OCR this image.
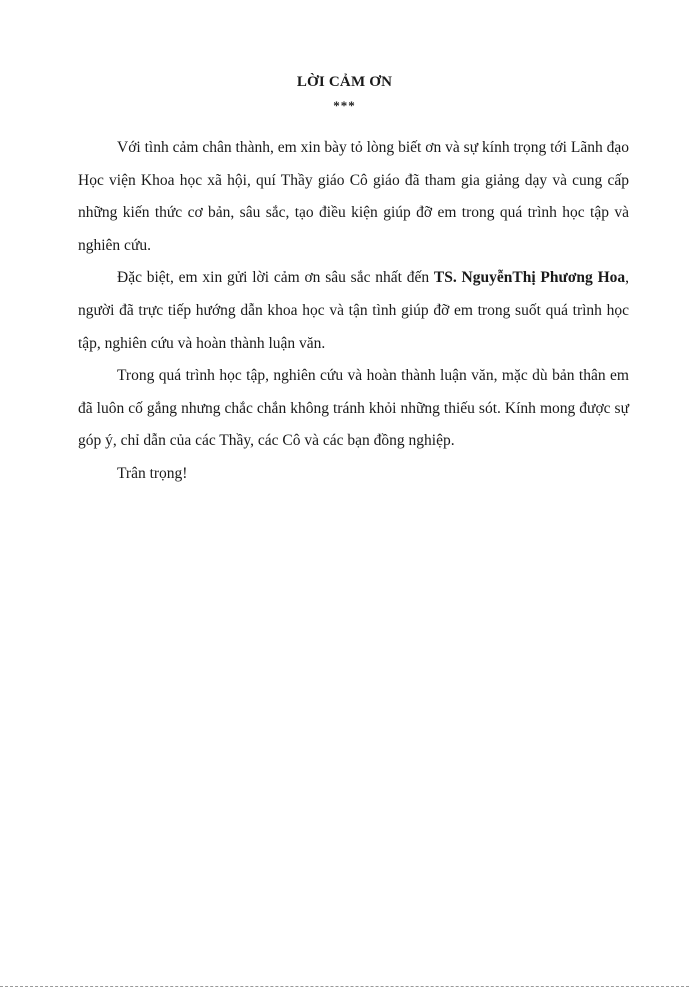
LỜI CẢM ƠN
***

Với tình cảm chân thành, em xin bày tỏ lòng biết ơn và sự kính trọng tới Lãnh đạo Học viện Khoa học xã hội, quí Thầy giáo Cô giáo đã tham gia giảng dạy và cung cấp những kiến thức cơ bản, sâu sắc, tạo điều kiện giúp đỡ em trong quá trình học tập và nghiên cứu.

Đặc biệt, em xin gửi lời cảm ơn sâu sắc nhất đến TS. NguyễnThị Phương Hoa, người đã trực tiếp hướng dẫn khoa học và tận tình giúp đỡ em trong suốt quá trình học tập, nghiên cứu và hoàn thành luận văn.

Trong quá trình học tập, nghiên cứu và hoàn thành luận văn, mặc dù bản thân em đã luôn cố gắng nhưng chắc chắn không tránh khỏi những thiếu sót. Kính mong được sự góp ý, chỉ dẫn của các Thầy, các Cô và các bạn đồng nghiệp.

Trân trọng!
